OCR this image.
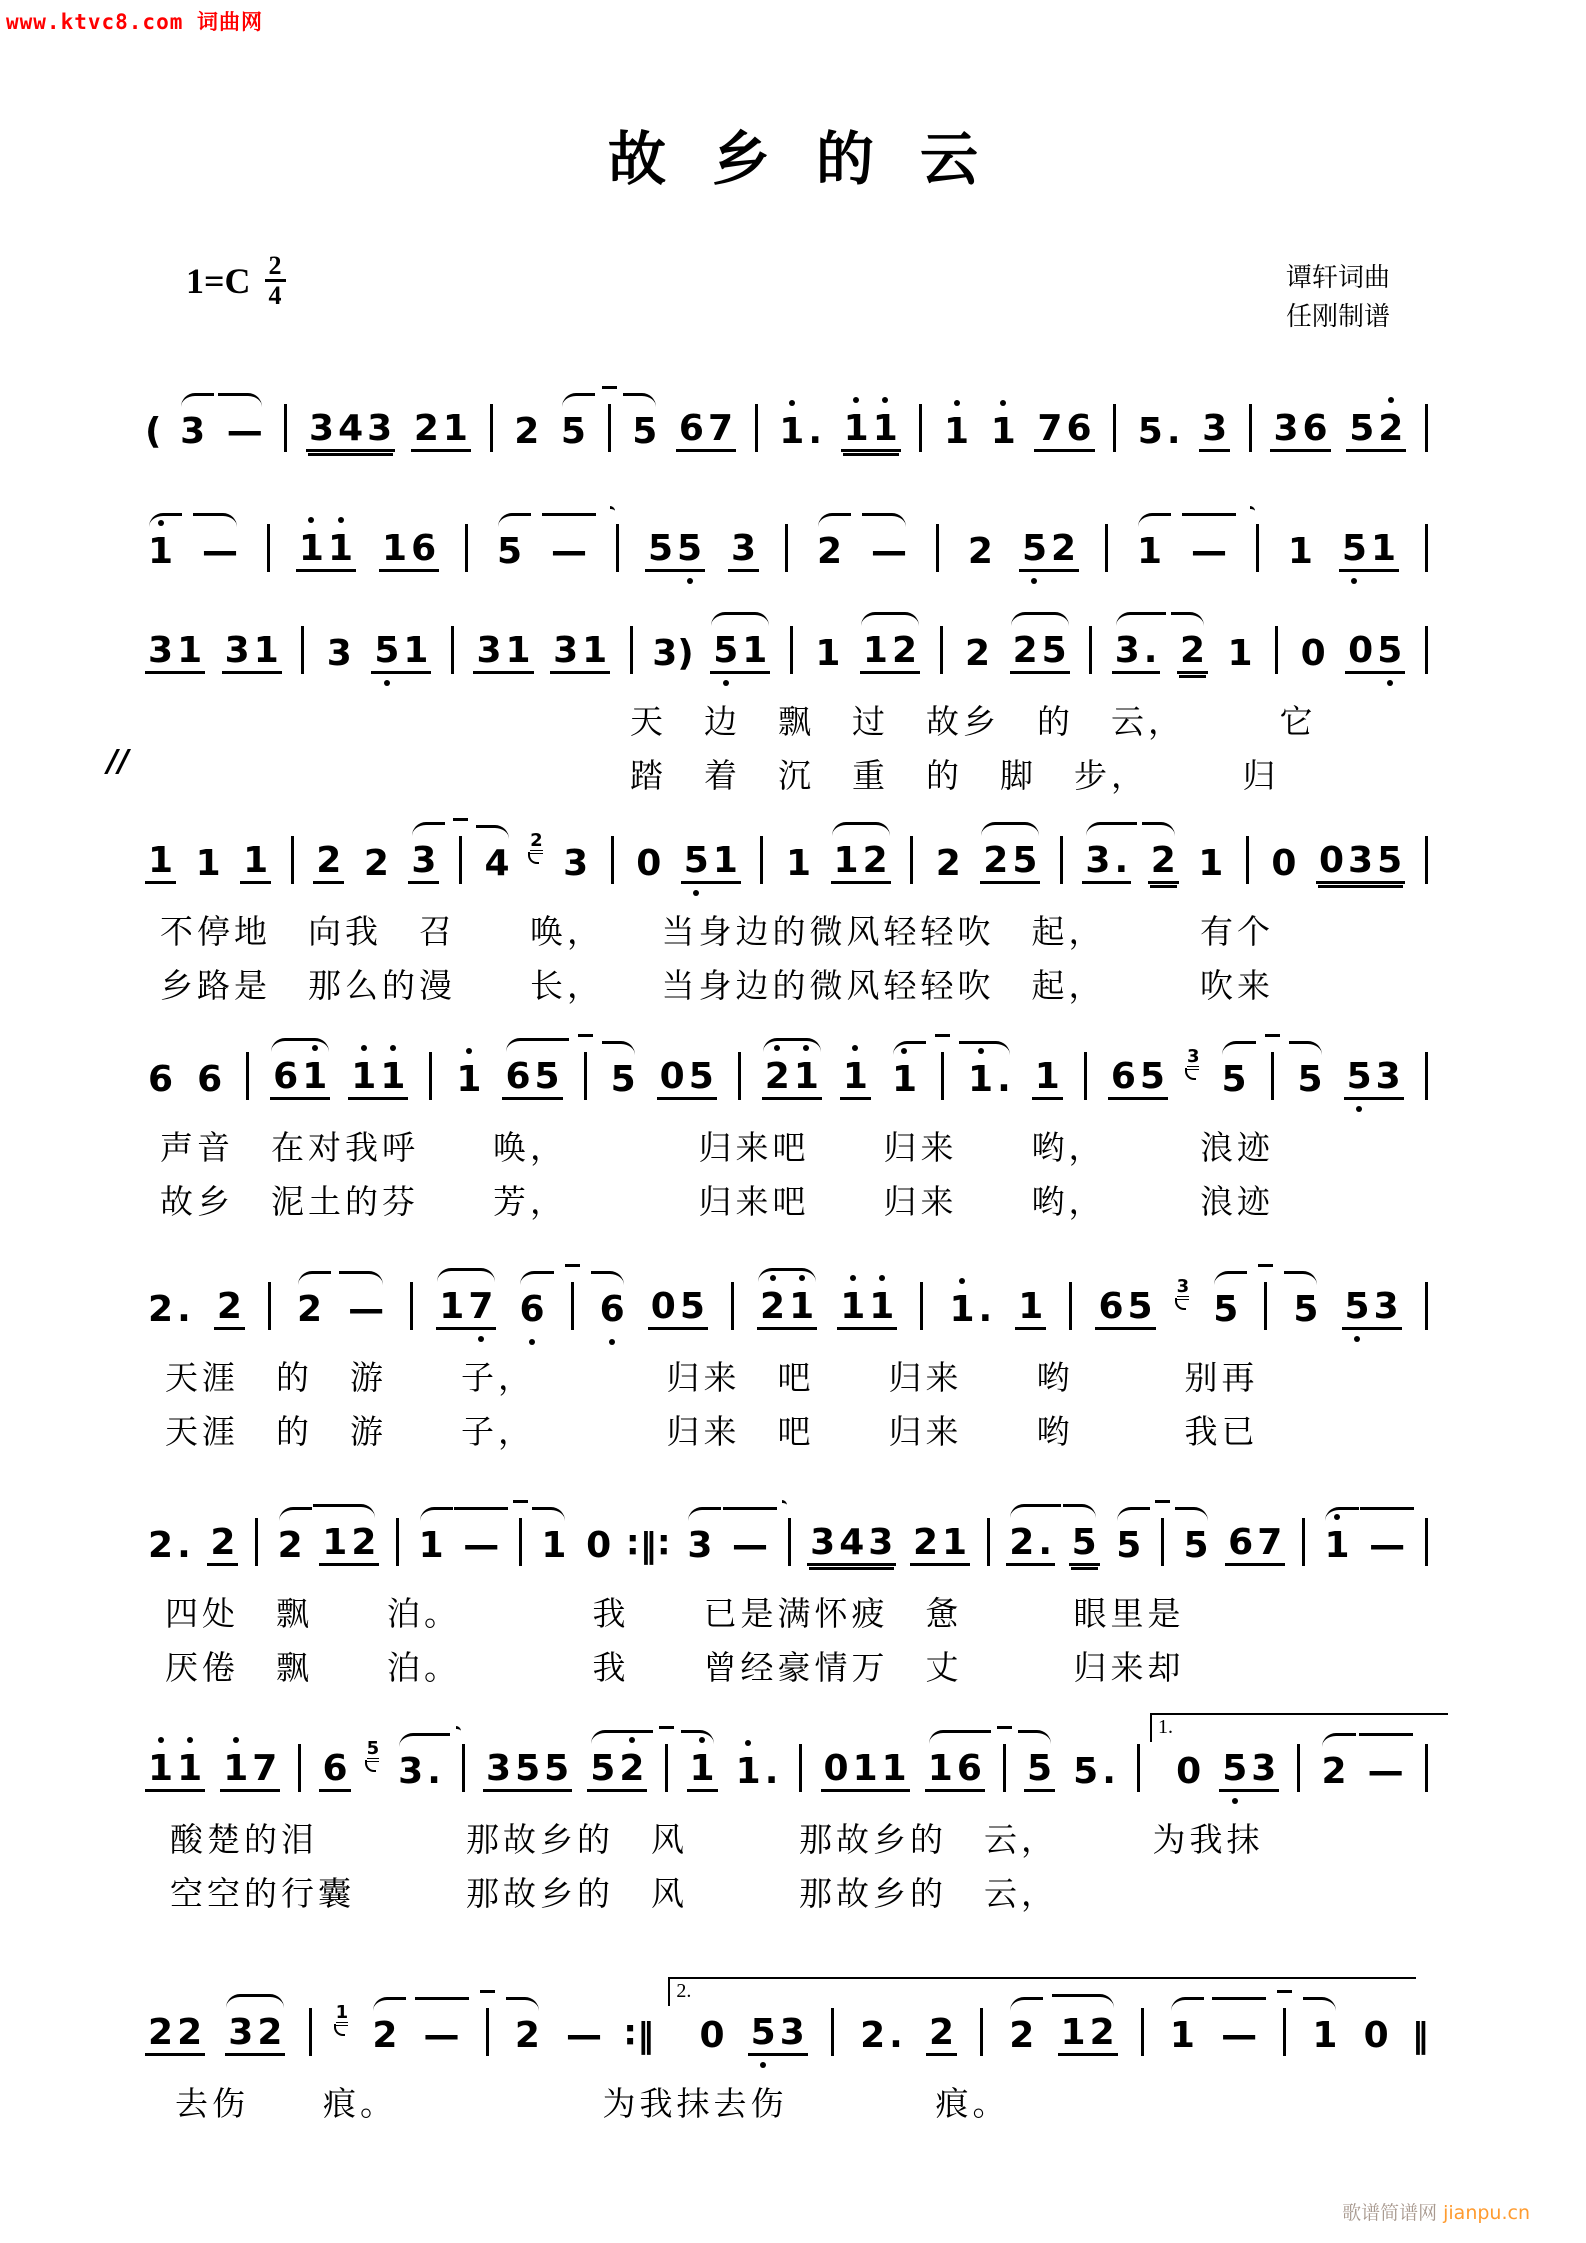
www.ktvc8.com 词曲网
故乡的云
$1=C \frac{2}{4}$	谭轩词曲
任刚制谱
( 3 — 3 4 3 2 1 2 5 5 6 7 1 . 1 1 1 1 7 6 5 . 3 3 6 5 2
1 — 1 1 1 6 5 — 5 5 3 2 — 2 5 2 1 — 1 5 1
//
3 1 3 1 3 5 1 3 1 3 1 3) 5 1 1 1 2 2 2 5 3 . 2 1 0 0 5
天　边　飘　过　故乡　的　云，　　　它
踏　着　沉　重　的　脚　步，　　　归
1 1 1 2 2 3 4
2
3 0 5 1 1 1 2 2 2 5 3 . 2 1 0 0 3 5
不停地　向我　召　　唤，　　当身边的微风轻轻吹　起，　　　有个
乡路是　那么的漫　　长，　　当身边的微风轻轻吹　起，　　　吹来
6 6 6 1 1 1 1 6 5 5 0 5 2 1 1 1 1 . 1 6 5 3
5 5 5 3
声音　在对我呼　　唤，　　　　归来吧　　归来　　哟，　　　浪迹
故乡　泥土的芬　　芳，　　　　归来吧　　归来　　哟，　　　浪迹
2 . 2 2 — 1 7 6 6 0 5 2 1 1 1 1 . 1 6 5 3
5 5 5 3
天涯　的　游　　子，　　　　归来　吧　　归来　　哟　　　别再
天涯　的　游　　子，　　　　归来　吧　　归来　　哟　　　我已
2 . 2 2 1 2 1 — 1 0 ∶‖∶ 3 — 3 4 3 2 1 2 . 5 5 5 6 7 1 —
四处　飘　　泊。　　　　我　　已是满怀疲　惫　　　眼里是
厌倦　飘　　泊。　　　　我　　曾经豪情万　丈　　　归来却
1 1 1 7 6 5
3 . 3 5 5 5 2 1 1 . 0 1 1 1 6 5 5 .
1.
0 5 3 2 —
酸楚的泪　　　　那故乡的　风　　　那故乡的　云，　　　为我抹
空空的行囊　　　那故乡的　风　　　那故乡的　云，
2 2 3 2	1
2 — 2 — ∶‖
2.
0 5 3 2 . 2 2 1 2 1 — 1 0 ‖
去伤　　痕。　　　　　　为我抹去伤　　　　痕。
歌谱简谱网 jianpu.cn
